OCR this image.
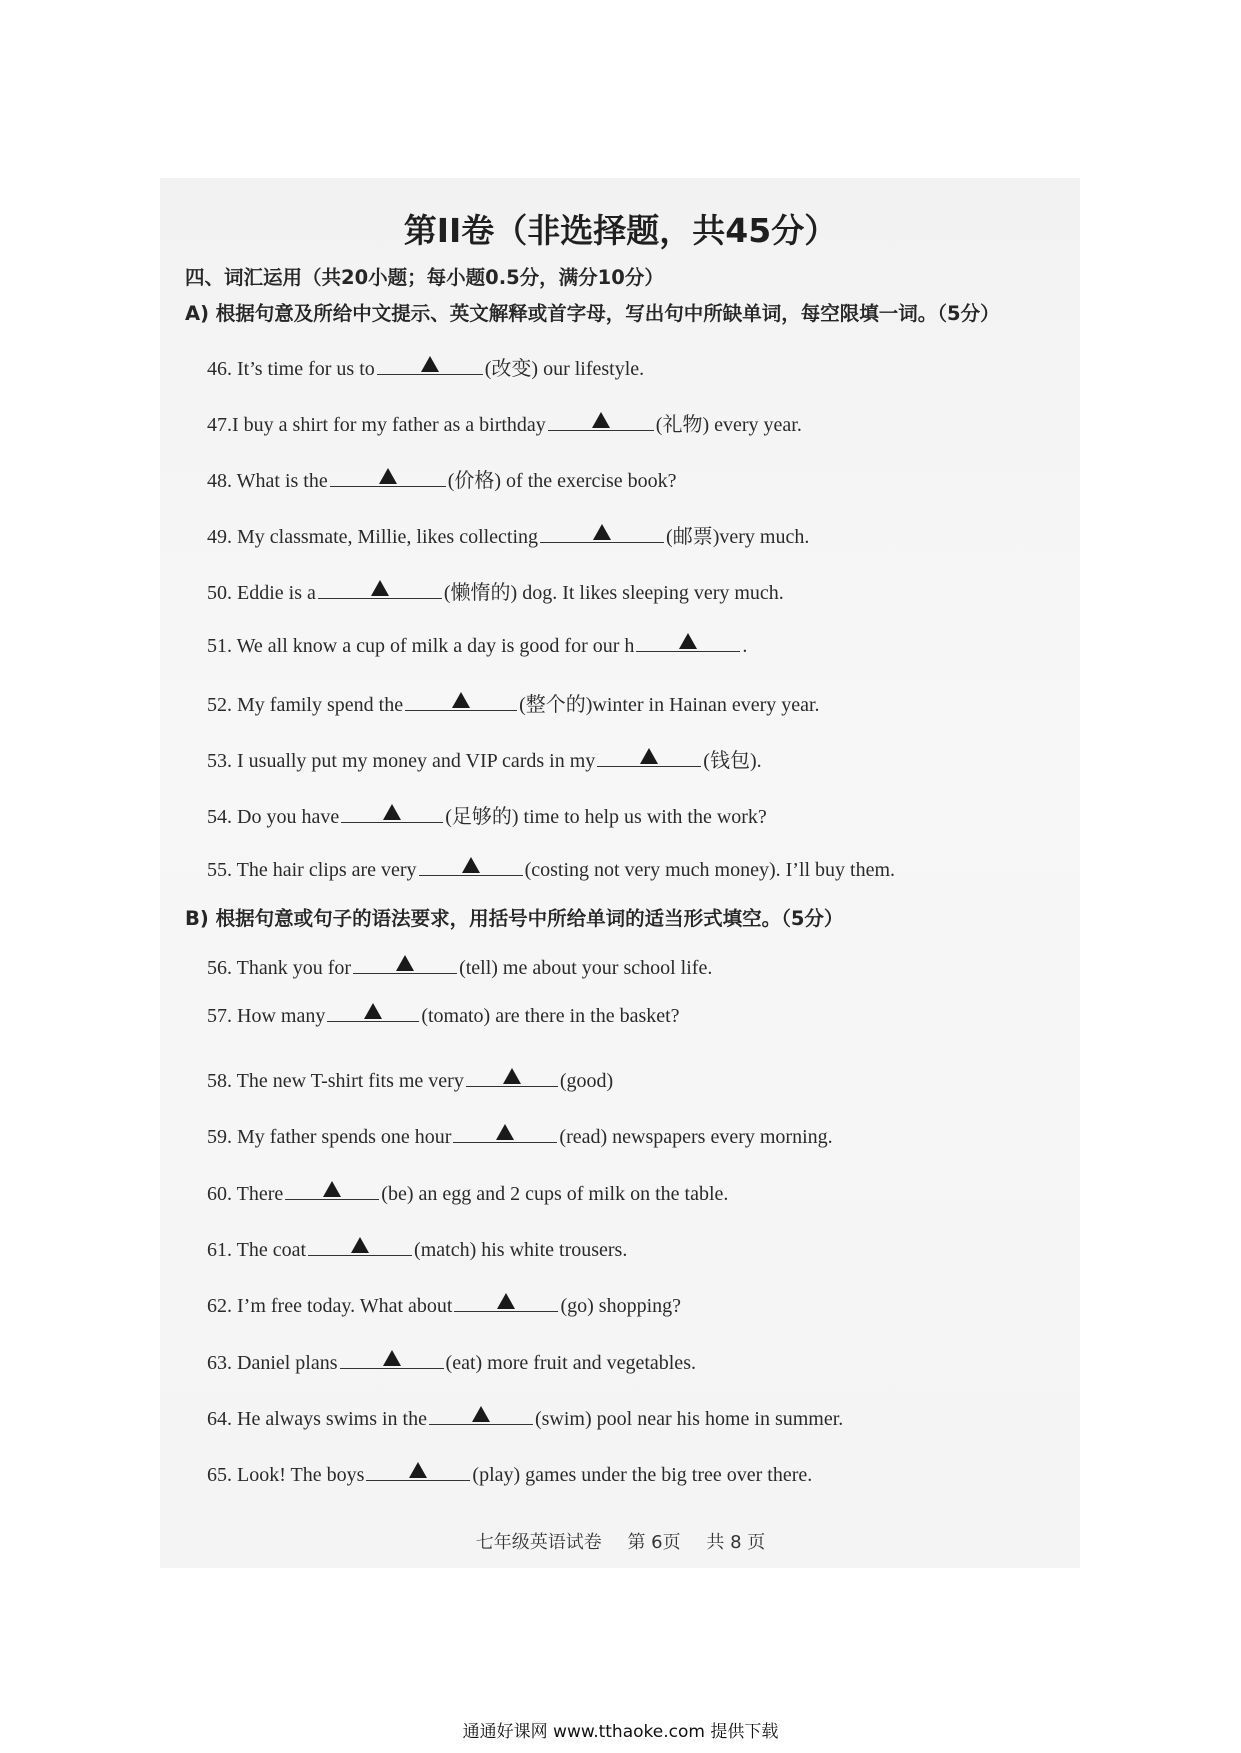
第II卷（非选择题，共45分）
四、词汇运用（共20小题；每小题0.5分，满分10分）
A) 根据句意及所给中文提示、英文解释或首字母，写出句中所缺单词，每空限填一词。（5分）
46. It’s time for us to	(改变) our lifestyle.
47.I buy a shirt for my father as a birthday	(礼物) every year.
48. What is the	(价格) of the exercise book?
49. My classmate, Millie, likes collecting	(邮票)very much.
50. Eddie is a	(懒惰的) dog. It likes sleeping very much.
51. We all know a cup of milk a day is good for our h	.
52. My family spend the	(整个的)winter in Hainan every year.
53. I usually put my money and VIP cards in my	(钱包).
54. Do you have	(足够的) time to help us with the work?
55. The hair clips are very	(costing not very much money). I’ll buy them.
B) 根据句意或句子的语法要求，用括号中所给单词的适当形式填空。（5分）
56. Thank you for	(tell) me about your school life.
57. How many	(tomato) are there in the basket?
58. The new T-shirt fits me very	(good)
59. My father spends one hour	(read) newspapers every morning.
60. There	(be) an egg and 2 cups of milk on the table.
61. The coat	(match) his white trousers.
62. I’m free today. What about	(go) shopping?
63. Daniel plans	(eat) more fruit and vegetables.
64. He always swims in the	(swim) pool near his home in summer.
65. Look! The boys	(play) games under the big tree over there.
七年级英语试卷 第 6页 共 8 页
通通好课网 www.tthaoke.com 提供下载
